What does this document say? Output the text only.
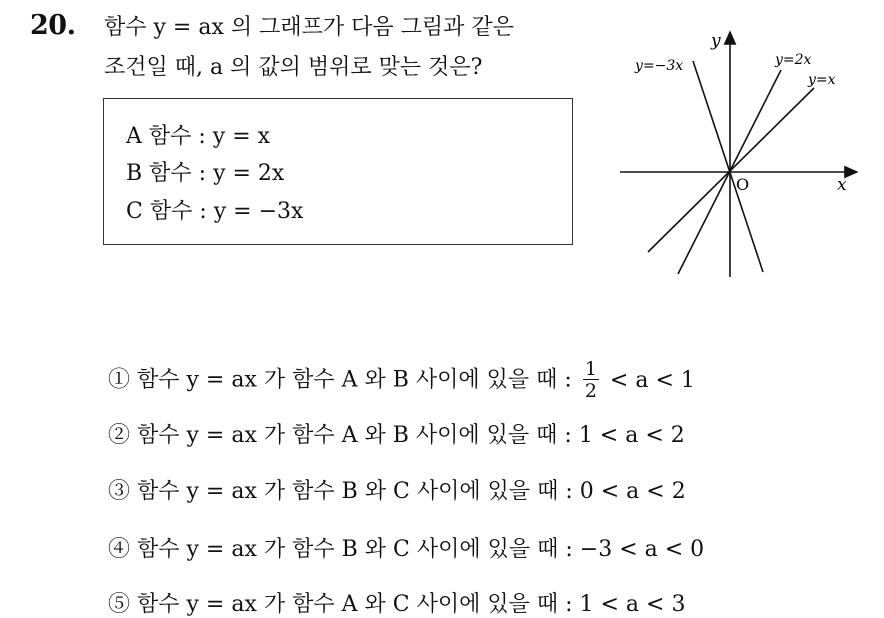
20. 함수 y = ax 의 그래프가 다음 그림과 같은
조건일 때, a 의 값의 범위로 맞는 것은?
A 함수 : y = x
B 함수 : y = 2x
C 함수 : y = −3x
y
x
O
y=−3x	y=2x
y=x
① 함수 y = ax 가 함수 A 와 B 사이에 있을 때 : $\frac{1}{2} < a < 1$
② 함수 y = ax 가 함수 A 와 B 사이에 있을 때 : 1 < a < 2
③ 함수 y = ax 가 함수 B 와 C 사이에 있을 때 : 0 < a < 2
④ 함수 y = ax 가 함수 B 와 C 사이에 있을 때 : −3 < a < 0
⑤ 함수 y = ax 가 함수 A 와 C 사이에 있을 때 : 1 < a < 3
